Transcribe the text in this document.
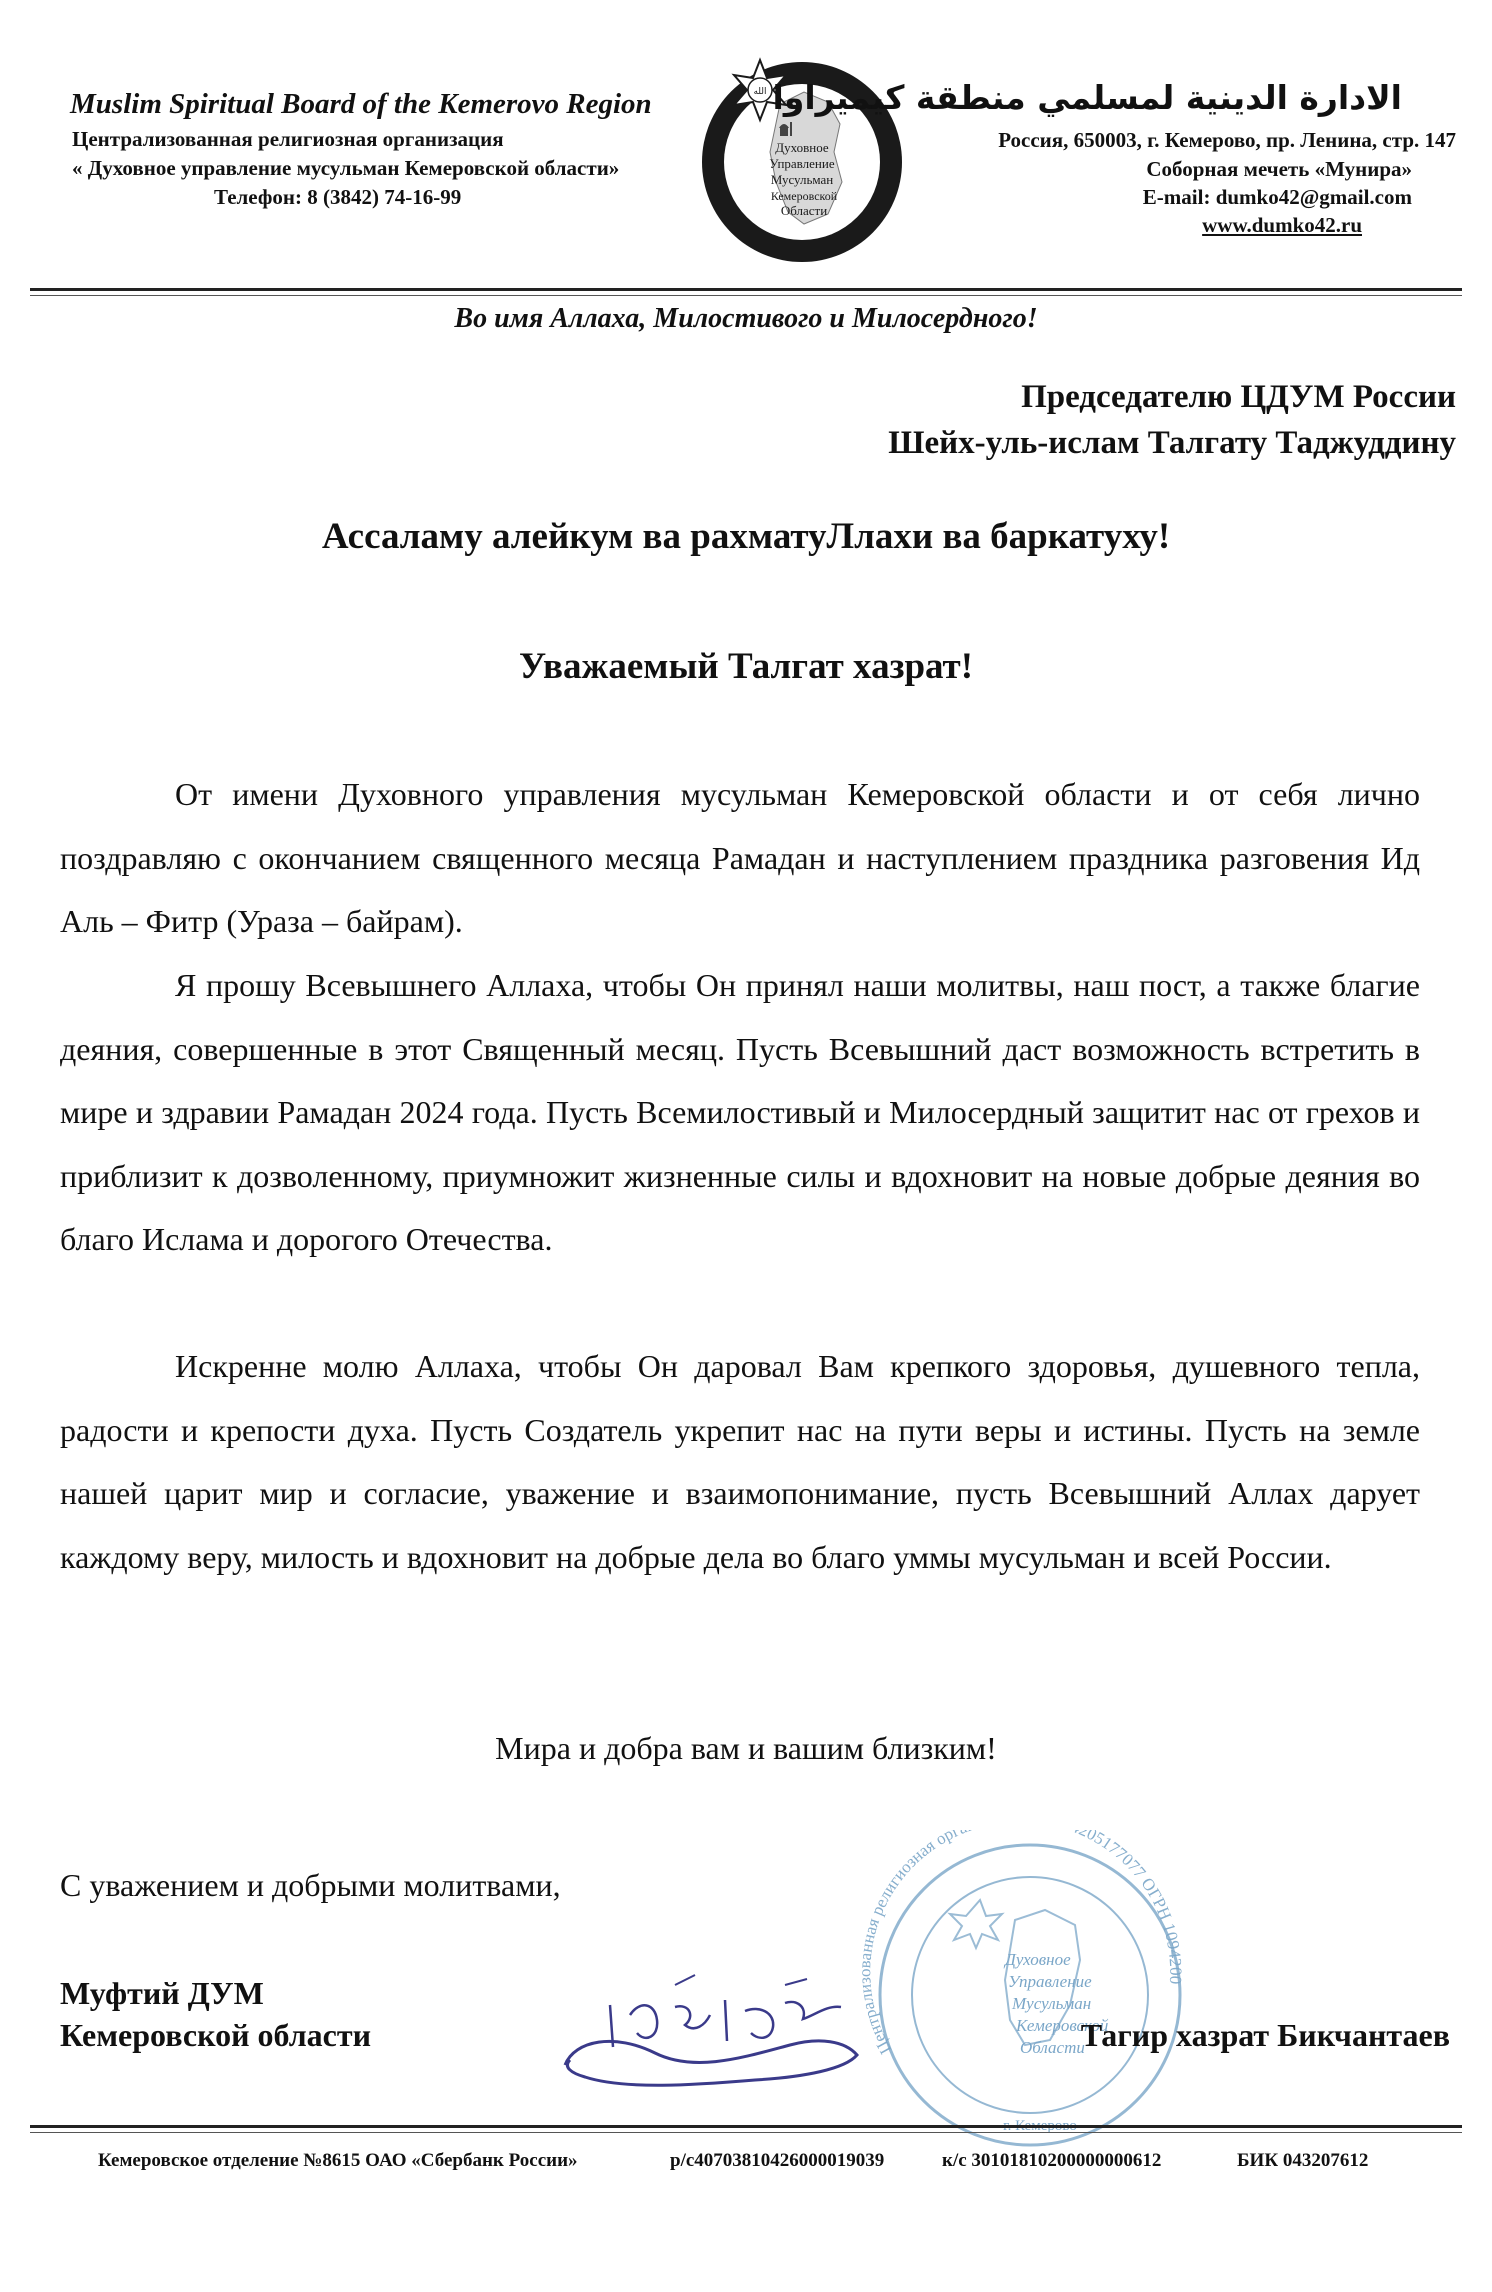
Muslim Spiritual Board of the Kemerovo Region
Централизованная религиозная организация
« Духовное управление мусульман Кемеровской области»
Телефон: 8 (3842) 74-16-99
الله
Духовное
Управление
Мусульман
Кемеровской
Области
محمد رسول الله
الادارة الدينية لمسلمي منطقة كيميراوا
Россия, 650003, г. Кемерово, пр. Ленина, стр. 147
Соборная мечеть «Мунира»
E-mail: dumko42@gmail.com
www.dumko42.ru
Во имя Аллаха, Милостивого и Милосердного!
Председателю ЦДУМ России
Шейх-уль-ислам Талгату Таджуддину
Ассаламу алейкум ва рахматуЛлахи ва баркатуху!
Уважаемый Талгат хазрат!

От имени Духовного управления мусульман Кемеровской области и от себя лично поздравляю с окончанием священного месяца Рамадан и наступлением праздника разговения Ид Аль – Фитр (Ураза – байрам).

Я прошу Всевышнего Аллаха, чтобы Он принял наши молитвы, наш пост, а также благие деяния, совершенные в этот Священный месяц. Пусть Всевышний даст возможность встретить в мире и здравии Рамадан 2024 года. Пусть Всемилостивый и Милосердный защитит нас от грехов и приблизит к дозволенному, приумножит жизненные силы и вдохновит на новые добрые деяния во благо Ислама и дорогого Отечества.

Искренне молю Аллаха, чтобы Он даровал Вам крепкого здоровья, душевного тепла, радости и крепости духа. Пусть Создатель укрепит нас на пути веры и истины. Пусть на земле нашей царит мир и согласие, уважение и взаимопонимание, пусть Всевышний Аллах дарует каждому веру, милость и вдохновит на добрые дела во благо уммы мусульман и всей России.

Мира и добра вам и вашим близким!
С уважением и добрыми молитвами,
Централизованная религиозная орг 205177077 ОГРН 1094200
Духовное
Управление
Мусульман
Кемеровской
Области
г. Кемерово
Муфтий ДУМ
Кемеровской области	Тагир хазрат Бикчантаев
Кемеровское отделение №8615 ОАО «Сбербанк России»	р/с40703810426000019039	к/с 30101810200000000612	БИК 043207612
